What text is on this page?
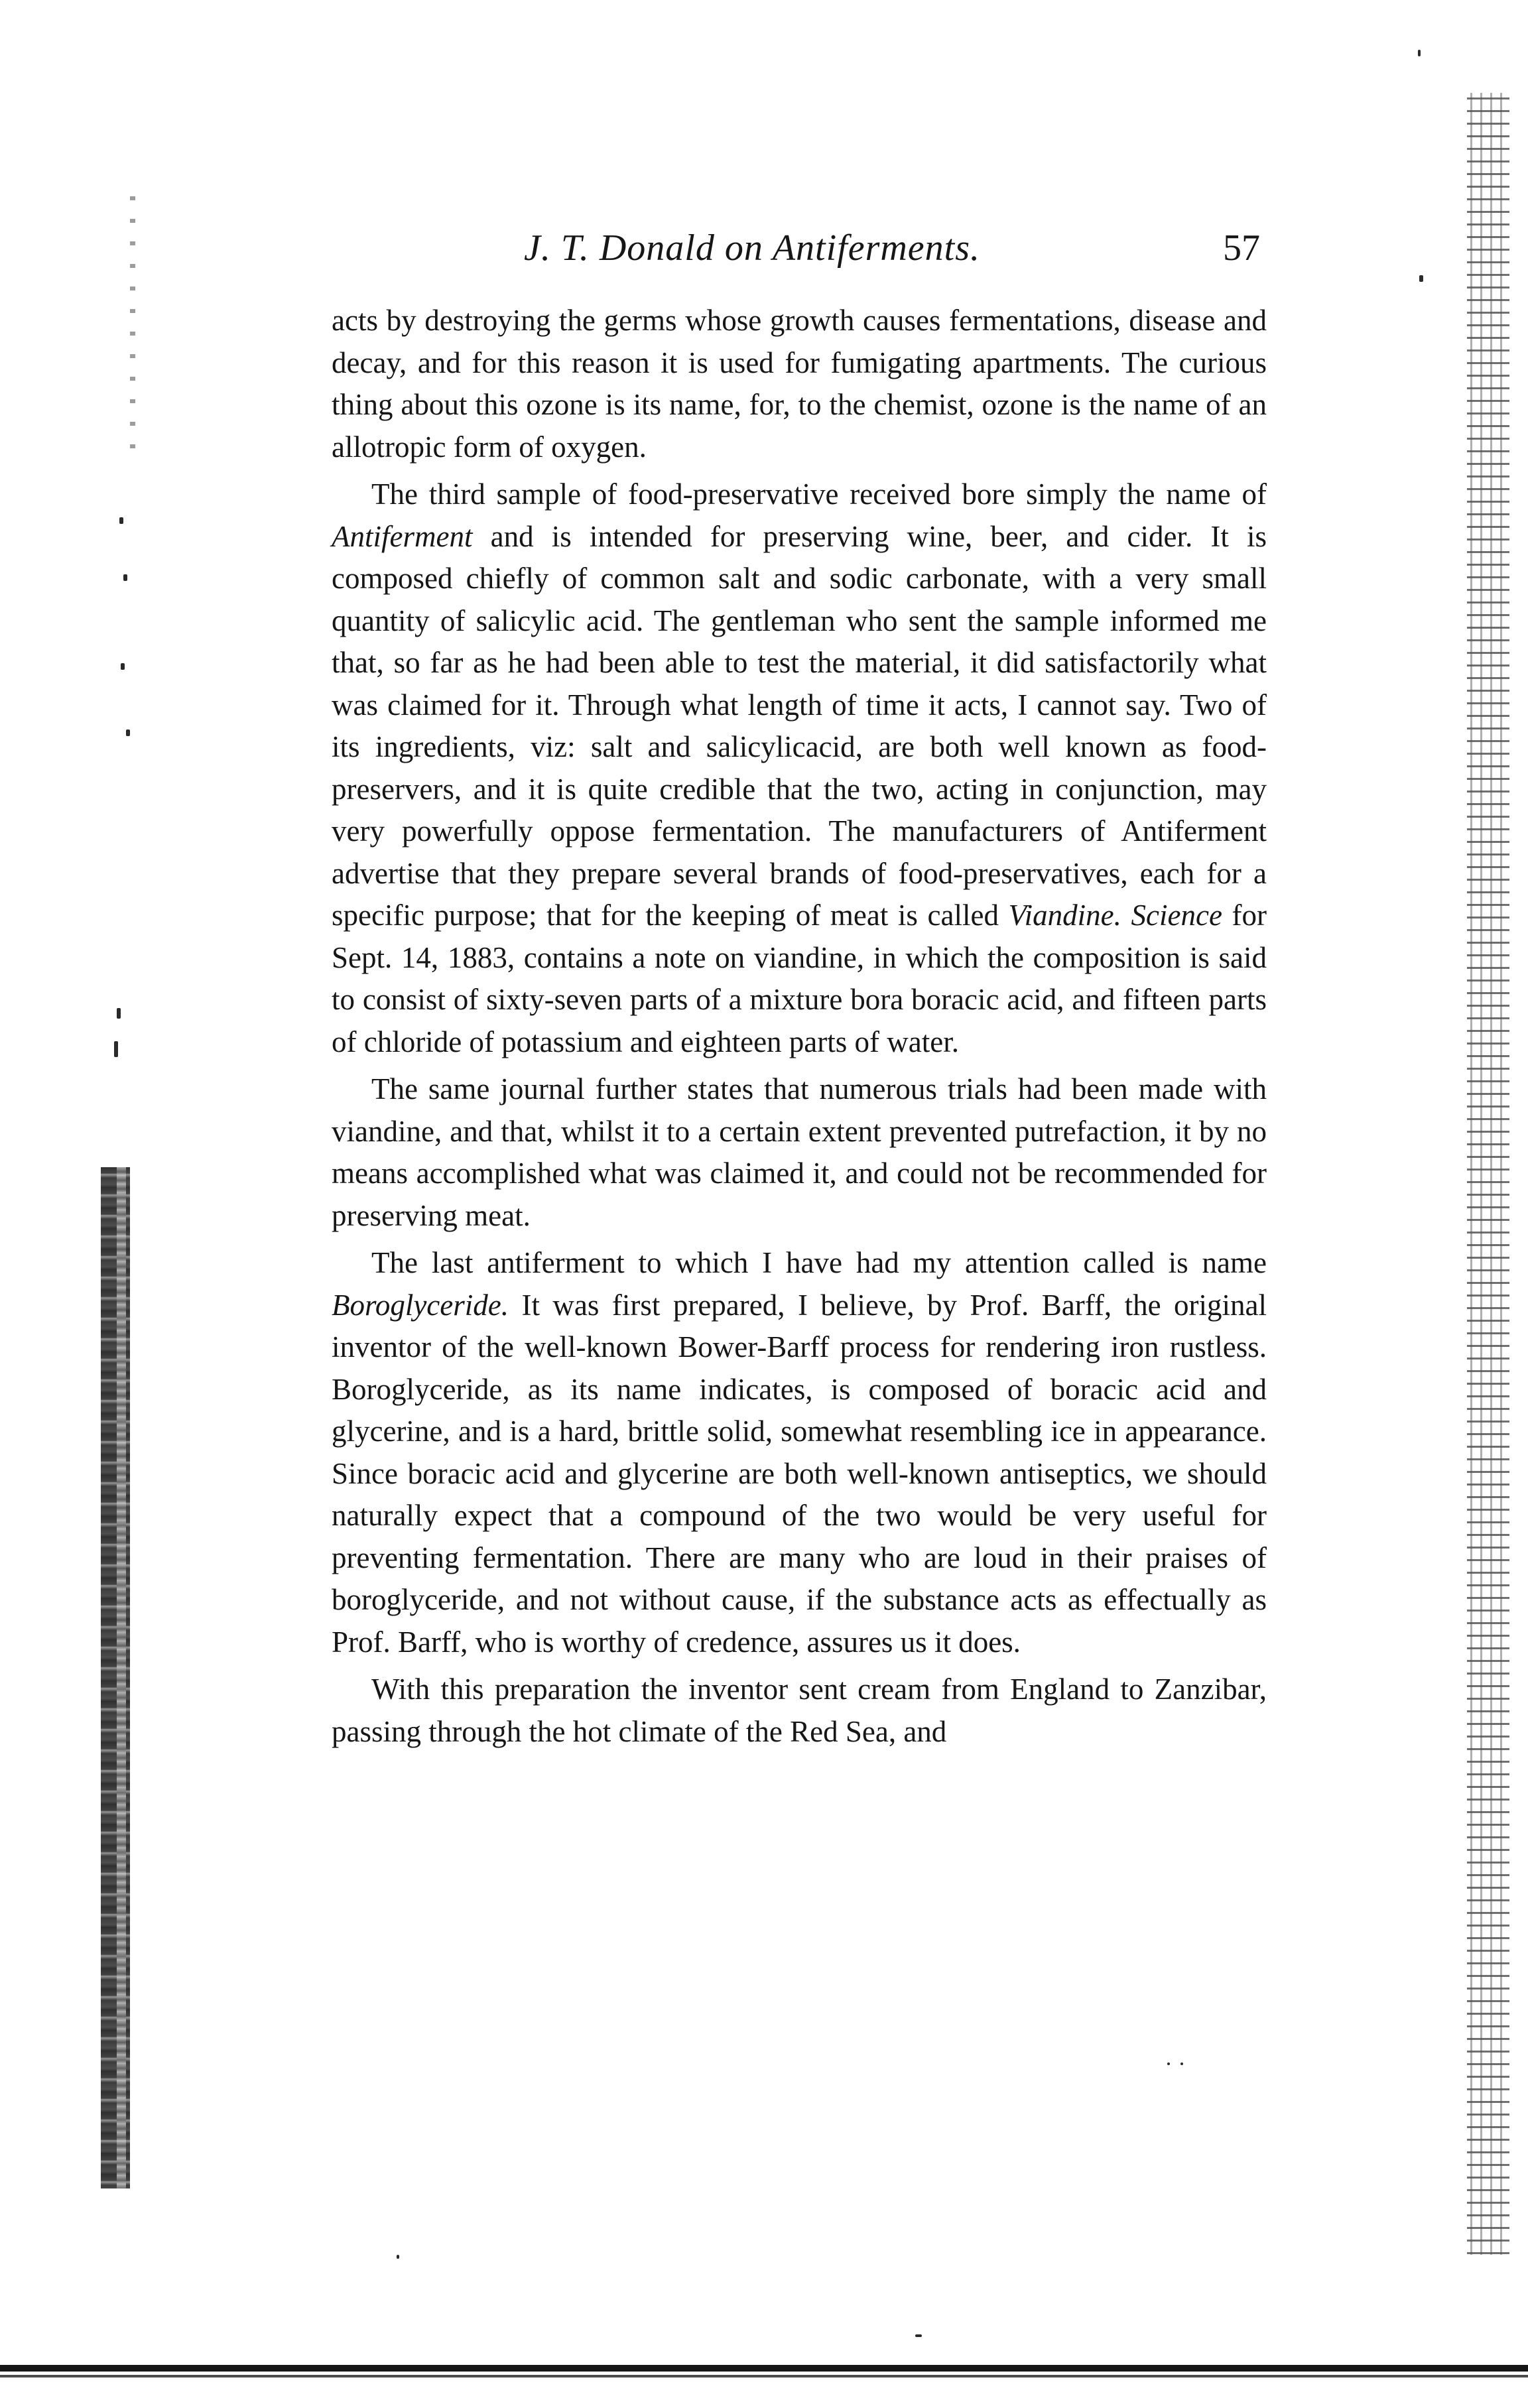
J. T. Donald on Antiferments.	57

acts by destroying the germs whose growth causes fermentations, disease and decay, and for this reason it is used for fumigating apartments. The curious thing about this ozone is its name, for, to the chemist, ozone is the name of an allotropic form of oxygen.

The third sample of food-preservative received bore simply the name of Antiferment and is intended for preserving wine, beer, and cider. It is composed chiefly of common salt and sodic carbonate, with a very small quantity of salicylic acid. The gentleman who sent the sample informed me that, so far as he had been able to test the material, it did satisfactorily what was claimed for it. Through what length of time it acts, I cannot say. Two of its ingredients, viz: salt and salicylicacid, are both well known as food-preservers, and it is quite credible that the two, acting in conjunction, may very powerfully oppose fermentation. The manufacturers of Antiferment advertise that they prepare several brands of food-preservatives, each for a specific purpose; that for the keeping of meat is called Viandine. Science for Sept. 14, 1883, contains a note on viandine, in which the composition is said to consist of sixty-seven parts of a mixture bora boracic acid, and fifteen parts of chloride of potassium and eighteen parts of water.

The same journal further states that numerous trials had been made with viandine, and that, whilst it to a certain extent prevented putrefaction, it by no means accomplished what was claimed it, and could not be recommended for preserving meat.

The last antiferment to which I have had my attention called is name Boroglyceride. It was first prepared, I believe, by Prof. Barff, the original inventor of the well-known Bower-Barff process for rendering iron rustless. Boroglyceride, as its name indicates, is composed of boracic acid and glycerine, and is a hard, brittle solid, somewhat resembling ice in appearance. Since boracic acid and glycerine are both well-known antiseptics, we should naturally expect that a compound of the two would be very useful for preventing fermentation. There are many who are loud in their praises of boroglyceride, and not without cause, if the substance acts as effectually as Prof. Barff, who is worthy of credence, assures us it does.

With this preparation the inventor sent cream from England to Zanzibar, passing through the hot climate of the Red Sea, and
